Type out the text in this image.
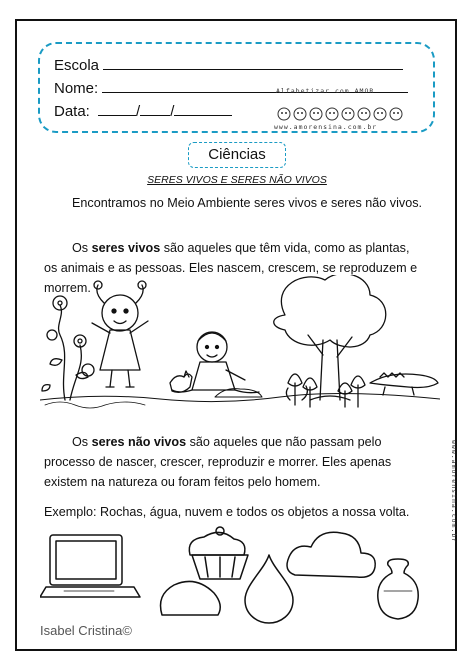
Escola
Nome:
Data:	/ /
Alfabetizar com AMOR
www.amorensina.com.br
Ciências
SERES VIVOS E SERES NÃO VIVOS
Encontramos no Meio Ambiente seres vivos e seres não vivos.
Os seres vivos são aqueles que têm vida, como as plantas, os animais e as pessoas. Eles nascem, crescem, se reproduzem e morrem.
Os seres não vivos são aqueles que não passam pelo processo de nascer, crescer, reproduzir e morrer. Eles apenas existem na natureza ou foram feitos pelo homem.
Exemplo: Rochas, água, nuvem e todos os objetos a nossa volta.	www.amorensina.com.br
Isabel Cristina©
